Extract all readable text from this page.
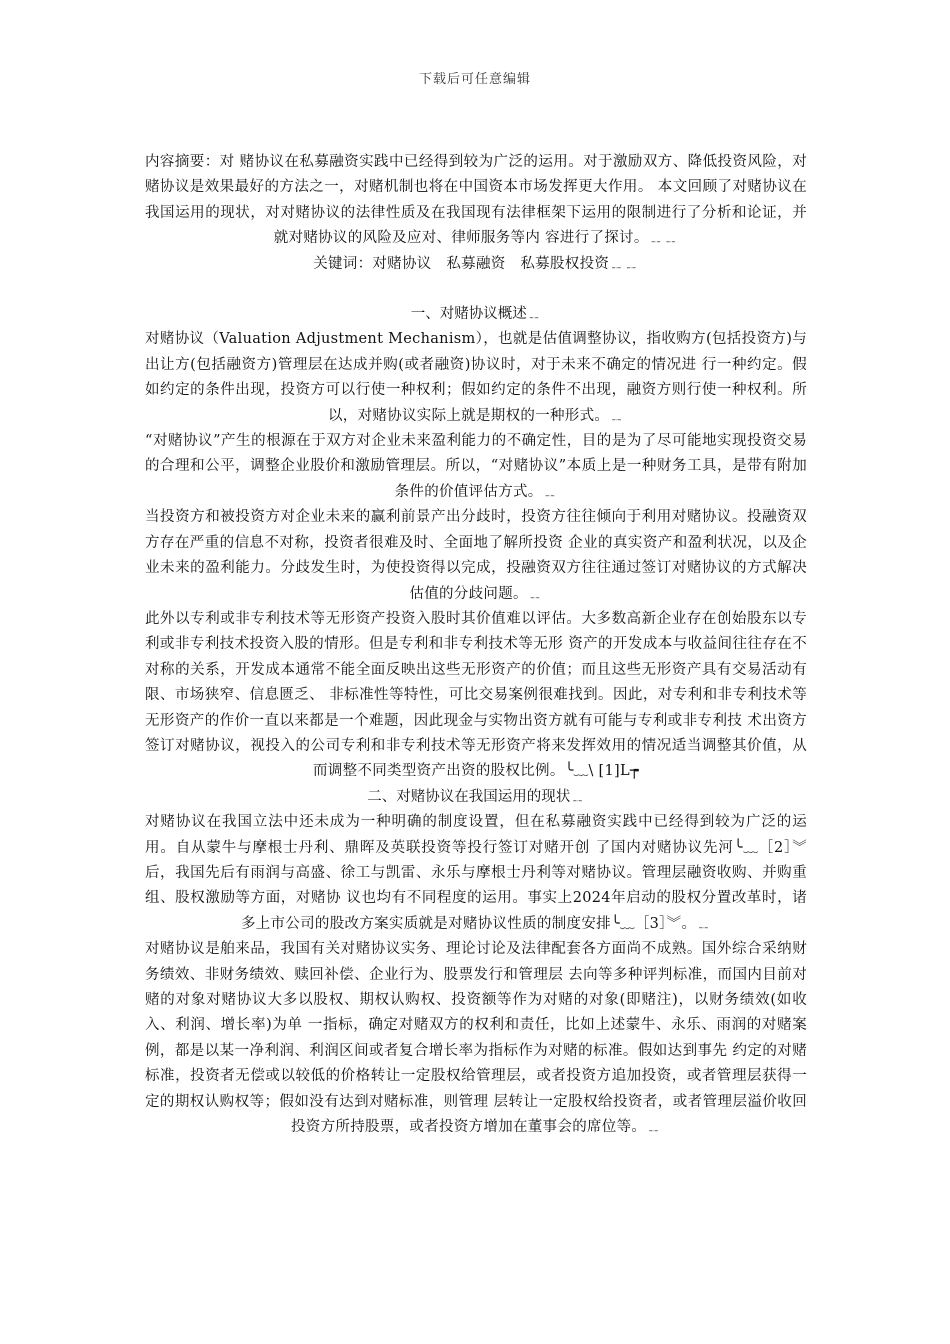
下载后可任意编辑

内容摘要：对 赌协议在私募融资实践中已经得到较为广泛的运用。对于激励双方、降低投资风险，对赌协议是效果最好的方法之一，对赌机制也将在中国资本市场发挥更大作用。 本文回顾了对赌协议在我国运用的现状，对对赌协议的法律性质及在我国现有法律框架下运用的限制进行了分析和论证，并就对赌协议的风险及应对、律师服务等内 容进行了探讨。﹎﹎

关键词：对赌协议　私募融资　私募股权投资﹎﹎

一、对赌协议概述﹎

对赌协议（Valuation Adjustment Mechanism），也就是估值调整协议，指收购方(包括投资方)与出让方(包括融资方)管理层在达成并购(或者融资)协议时，对于未来不确定的情况进 行一种约定。假如约定的条件出现，投资方可以行使一种权利；假如约定的条件不出现，融资方则行使一种权利。所以，对赌协议实际上就是期权的一种形式。﹎

“对赌协议”产生的根源在于双方对企业未来盈利能力的不确定性，目的是为了尽可能地实现投资交易的合理和公平，调整企业股价和激励管理层。所以，“对赌协议”本质上是一种财务工具，是带有附加条件的价值评估方式。﹎

当投资方和被投资方对企业未来的赢利前景产出分歧时，投资方往往倾向于利用对赌协议。投融资双方存在严重的信息不对称，投资者很难及时、全面地了解所投资 企业的真实资产和盈利状况，以及企业未来的盈利能力。分歧发生时，为使投资得以完成，投融资双方往往通过签订对赌协议的方式解决估值的分歧问题。﹎

此外以专利或非专利技术等无形资产投资入股时其价值难以评估。大多数高新企业存在创始股东以专利或非专利技术投资入股的情形。但是专利和非专利技术等无形 资产的开发成本与收益间往往存在不对称的关系，开发成本通常不能全面反映出这些无形资产的价值；而且这些无形资产具有交易活动有限、市场狭窄、信息匮乏、 非标准性等特性，可比交易案例很难找到。因此，对专利和非专利技术等无形资产的作价一直以来都是一个难题，因此现金与实物出资方就有可能与专利或非专利技 术出资方签订对赌协议，视投入的公司专利和非专利技术等无形资产将来发挥效用的情况适当调整其价值，从而调整不同类型资产出资的股权比例。╰﹏\ [1]L┮

二、对赌协议在我国运用的现状﹎

对赌协议在我国立法中还未成为一种明确的制度设置，但在私募融资实践中已经得到较为广泛的运用。自从蒙牛与摩根士丹利、鼎晖及英联投资等投行签订对赌开创 了国内对赌协议先河╰﹏［2］︾后，我国先后有雨润与高盛、徐工与凯雷、永乐与摩根士丹利等对赌协议。管理层融资收购、并购重组、股权激励等方面，对赌协 议也均有不同程度的运用。事实上2024年启动的股权分置改革时，诸多上市公司的股改方案实质就是对赌协议性质的制度安排╰﹏［3］︾。﹎

对赌协议是舶来品，我国有关对赌协议实务、理论讨论及法律配套各方面尚不成熟。国外综合采纳财务绩效、非财务绩效、赎回补偿、企业行为、股票发行和管理层 去向等多种评判标准，而国内目前对赌的对象对赌协议大多以股权、期权认购权、投资额等作为对赌的对象(即赌注)，以财务绩效(如收入、利润、增长率)为单 一指标，确定对赌双方的权利和责任，比如上述蒙牛、永乐、雨润的对赌案例，都是以某一净利润、利润区间或者复合增长率为指标作为对赌的标准。假如达到事先 约定的对赌标准，投资者无偿或以较低的价格转让一定股权给管理层，或者投资方追加投资，或者管理层获得一定的期权认购权等；假如没有达到对赌标准，则管理 层转让一定股权给投资者，或者管理层溢价收回投资方所持股票，或者投资方增加在董事会的席位等。﹎
